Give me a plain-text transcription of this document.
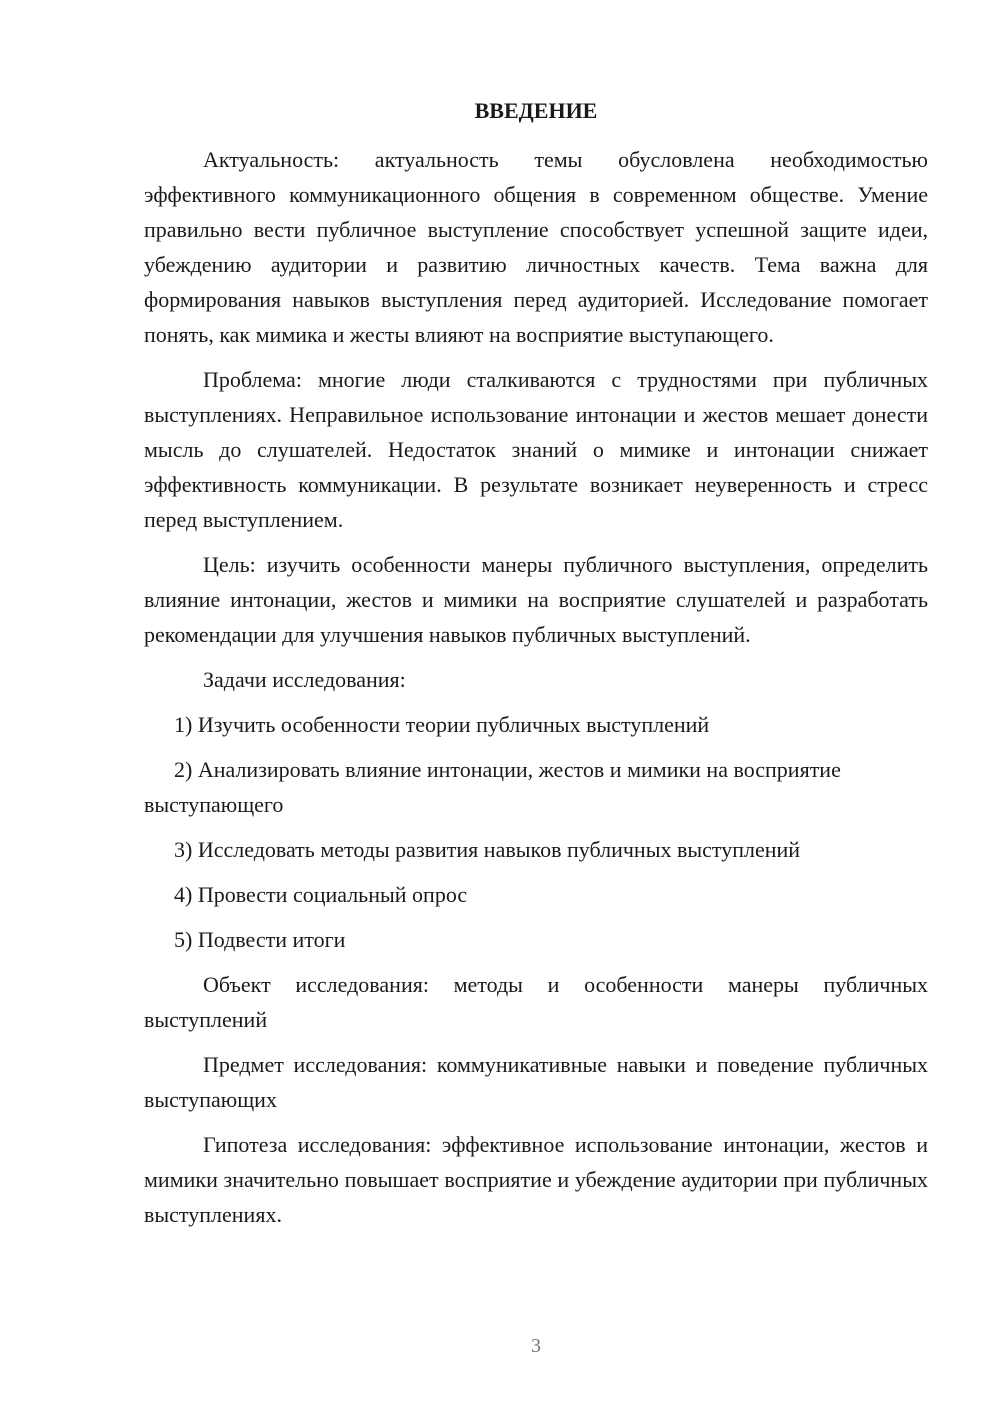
ВВЕДЕНИЕ

Актуальность: актуальность темы обусловлена необходимостью эффективного коммуникационного общения в современном обществе. Умение правильно вести публичное выступление способствует успешной защите идеи, убеждению аудитории и развитию личностных качеств. Тема важна для формирования навыков выступления перед аудиторией. Исследование помогает понять, как мимика и жесты влияют на восприятие выступающего.

Проблема: многие люди сталкиваются с трудностями при публичных выступлениях. Неправильное использование интонации и жестов мешает донести мысль до слушателей. Недостаток знаний о мимике и интонации снижает эффективность коммуникации. В результате возникает неуверенность и стресс перед выступлением.

Цель: изучить особенности манеры публичного выступления, определить влияние интонации, жестов и мимики на восприятие слушателей и разработать рекомендации для улучшения навыков публичных выступлений.

Задачи исследования:

1) Изучить особенности теории публичных выступлений

2) Анализировать влияние интонации, жестов и мимики на восприятие выступающего

3) Исследовать методы развития навыков публичных выступлений

4) Провести социальный опрос

5) Подвести итоги

Объект исследования: методы и особенности манеры публичных выступлений

Предмет исследования: коммуникативные навыки и поведение публичных выступающих

Гипотеза исследования: эффективное использование интонации, жестов и мимики значительно повышает восприятие и убеждение аудитории при публичных выступлениях.

3
